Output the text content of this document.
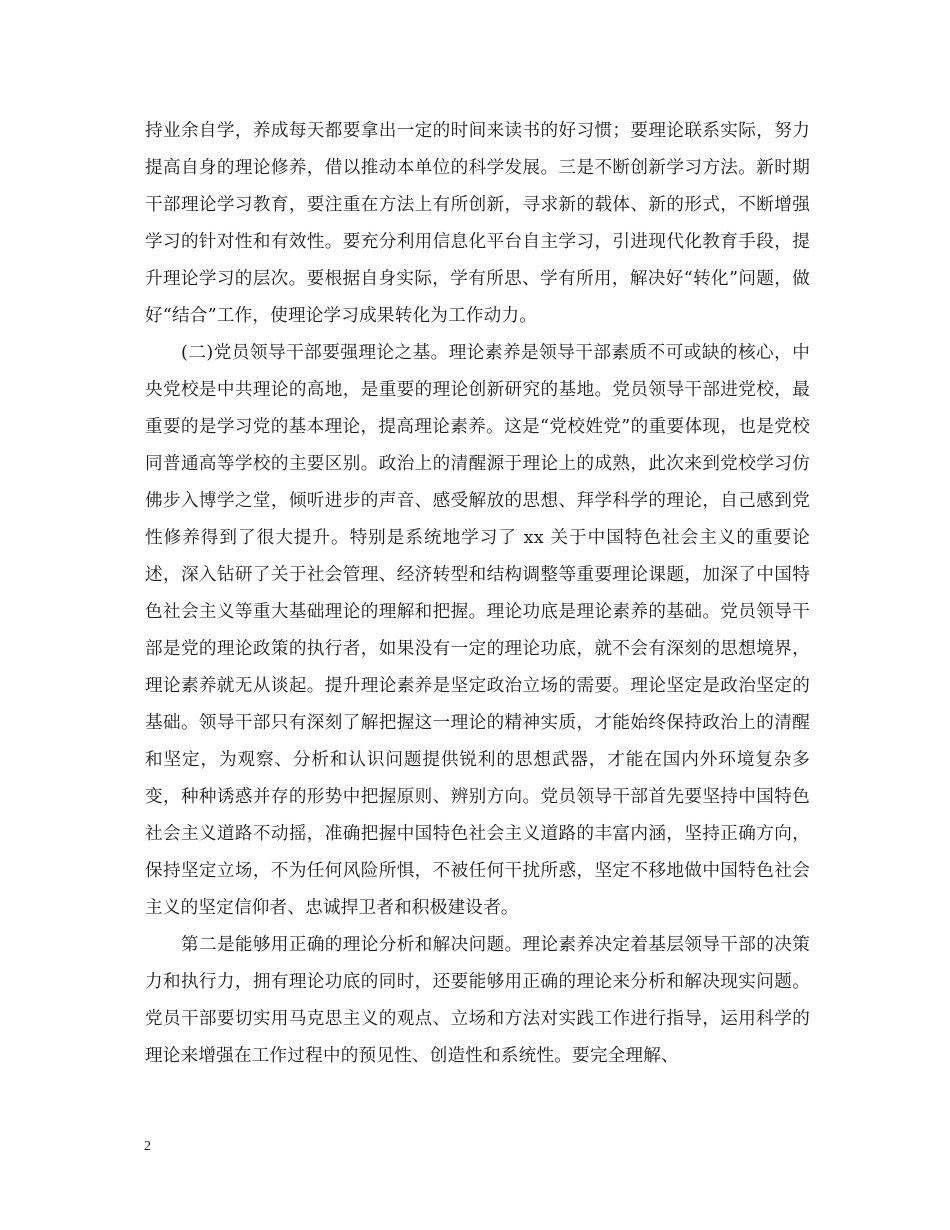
持业余自学，养成每天都要拿出一定的时间来读书的好习惯；要理论联系实际，努力提高自身的理论修养，借以推动本单位的科学发展。三是不断创新学习方法。新时期干部理论学习教育，要注重在方法上有所创新，寻求新的载体、新的形式，不断增强学习的针对性和有效性。要充分利用信息化平台自主学习，引进现代化教育手段，提升理论学习的层次。要根据自身实际，学有所思、学有所用，解决好“转化”问题，做好“结合”工作，使理论学习成果转化为工作动力。

(二)党员领导干部要强理论之基。理论素养是领导干部素质不可或缺的核心，中央党校是中共理论的高地，是重要的理论创新研究的基地。党员领导干部进党校，最重要的是学习党的基本理论，提高理论素养。这是“党校姓党”的重要体现，也是党校同普通高等学校的主要区别。政治上的清醒源于理论上的成熟，此次来到党校学习仿佛步入博学之堂，倾听进步的声音、感受解放的思想、拜学科学的理论，自己感到党性修养得到了很大提升。特别是系统地学习了 xx 关于中国特色社会主义的重要论述，深入钻研了关于社会管理、经济转型和结构调整等重要理论课题，加深了中国特色社会主义等重大基础理论的理解和把握。理论功底是理论素养的基础。党员领导干部是党的理论政策的执行者，如果没有一定的理论功底，就不会有深刻的思想境界，理论素养就无从谈起。提升理论素养是坚定政治立场的需要。理论坚定是政治坚定的基础。领导干部只有深刻了解把握这一理论的精神实质，才能始终保持政治上的清醒和坚定，为观察、分析和认识问题提供锐利的思想武器，才能在国内外环境复杂多变，种种诱惑并存的形势中把握原则、辨别方向。党员领导干部首先要坚持中国特色社会主义道路不动摇，准确把握中国特色社会主义道路的丰富内涵，坚持正确方向，保持坚定立场，不为任何风险所惧，不被任何干扰所惑，坚定不移地做中国特色社会主义的坚定信仰者、忠诚捍卫者和积极建设者。

第二是能够用正确的理论分析和解决问题。理论素养决定着基层领导干部的决策力和执行力，拥有理论功底的同时，还要能够用正确的理论来分析和解决现实问题。党员干部要切实用马克思主义的观点、立场和方法对实践工作进行指导，运用科学的理论来增强在工作过程中的预见性、创造性和系统性。要完全理解、

2
